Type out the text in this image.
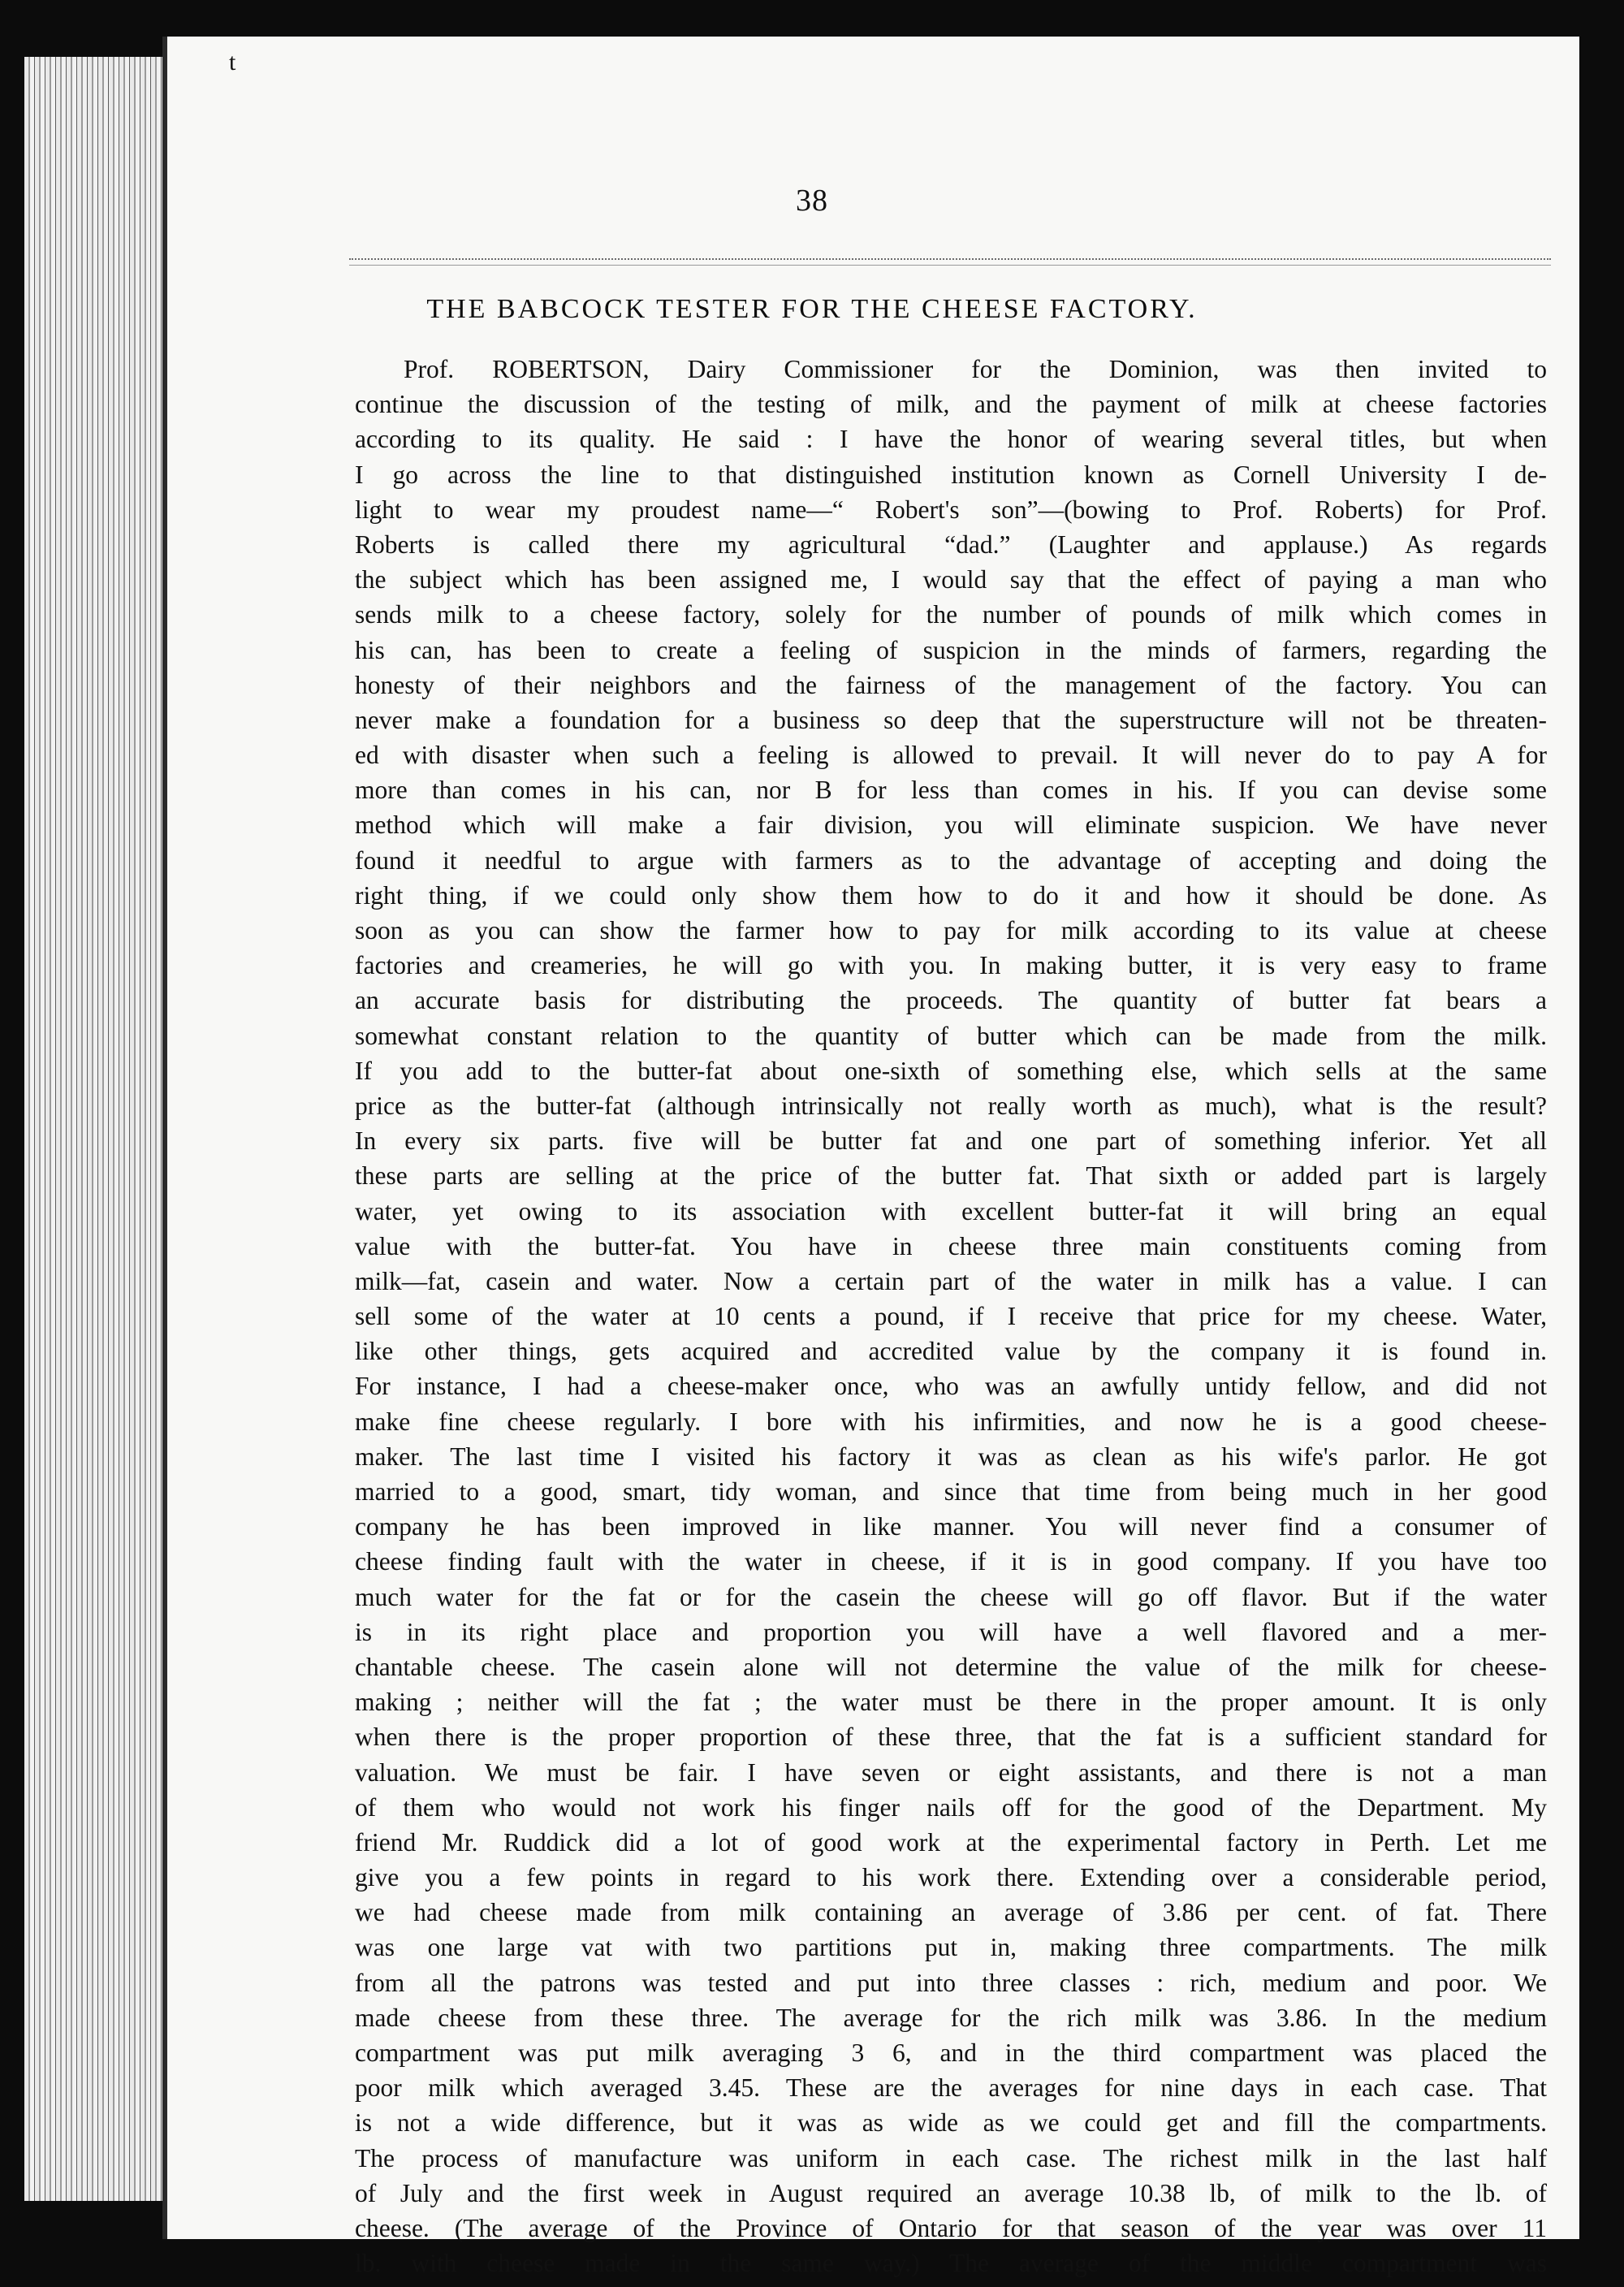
t
38
THE BABCOCK TESTER FOR THE CHEESE FACTORY.
Prof. ROBERTSON, Dairy Commissioner for the Dominion, was then invited to
continue the discussion of the testing of milk, and the payment of milk at cheese factories
according to its quality. He said : I have the honor of wearing several titles, but when
I go across the line to that distinguished institution known as Cornell University I de-
light to wear my proudest name—“ Robert's son”—(bowing to Prof. Roberts) for Prof.
Roberts is called there my agricultural “dad.” (Laughter and applause.) As regards
the subject which has been assigned me, I would say that the effect of paying a man who
sends milk to a cheese factory, solely for the number of pounds of milk which comes in
his can, has been to create a feeling of suspicion in the minds of farmers, regarding the
honesty of their neighbors and the fairness of the management of the factory. You can
never make a foundation for a business so deep that the superstructure will not be threaten-
ed with disaster when such a feeling is allowed to prevail. It will never do to pay A for
more than comes in his can, nor B for less than comes in his. If you can devise some
method which will make a fair division, you will eliminate suspicion. We have never
found it needful to argue with farmers as to the advantage of accepting and doing the
right thing, if we could only show them how to do it and how it should be done. As
soon as you can show the farmer how to pay for milk according to its value at cheese
factories and creameries, he will go with you. In making butter, it is very easy to frame
an accurate basis for distributing the proceeds. The quantity of butter fat bears a
somewhat constant relation to the quantity of butter which can be made from the milk.
If you add to the butter-fat about one-sixth of something else, which sells at the same
price as the butter-fat (although intrinsically not really worth as much), what is the result?
In every six parts. five will be butter fat and one part of something inferior. Yet all
these parts are selling at the price of the butter fat. That sixth or added part is largely
water, yet owing to its association with excellent butter-fat it will bring an equal
value with the butter-fat. You have in cheese three main constituents coming from
milk—fat, casein and water. Now a certain part of the water in milk has a value. I can
sell some of the water at 10 cents a pound, if I receive that price for my cheese. Water,
like other things, gets acquired and accredited value by the company it is found in.
For instance, I had a cheese-maker once, who was an awfully untidy fellow, and did not
make fine cheese regularly. I bore with his infirmities, and now he is a good cheese-
maker. The last time I visited his factory it was as clean as his wife's parlor. He got
married to a good, smart, tidy woman, and since that time from being much in her good
company he has been improved in like manner. You will never find a consumer of
cheese finding fault with the water in cheese, if it is in good company. If you have too
much water for the fat or for the casein the cheese will go off flavor. But if the water
is in its right place and proportion you will have a well flavored and a mer-
chantable cheese. The casein alone will not determine the value of the milk for cheese-
making ; neither will the fat ; the water must be there in the proper amount. It is only
when there is the proper proportion of these three, that the fat is a sufficient standard for
valuation. We must be fair. I have seven or eight assistants, and there is not a man
of them who would not work his finger nails off for the good of the Department. My
friend Mr. Ruddick did a lot of good work at the experimental factory in Perth. Let me
give you a few points in regard to his work there. Extending over a considerable period,
we had cheese made from milk containing an average of 3.86 per cent. of fat. There
was one large vat with two partitions put in, making three compartments. The milk
from all the patrons was tested and put into three classes : rich, medium and poor. We
made cheese from these three. The average for the rich milk was 3.86. In the medium
compartment was put milk averaging 3 6, and in the third compartment was placed the
poor milk which averaged 3.45. These are the averages for nine days in each case. That
is not a wide difference, but it was as wide as we could get and fill the compartments.
The process of manufacture was uniform in each case. The richest milk in the last half
of July and the first week in August required an average 10.38 lb, of milk to the lb. of
cheese. (The average of the Province of Ontario for that season of the year was over 11
lb. with cheese made in the same way.) The average of the middle compartment was
